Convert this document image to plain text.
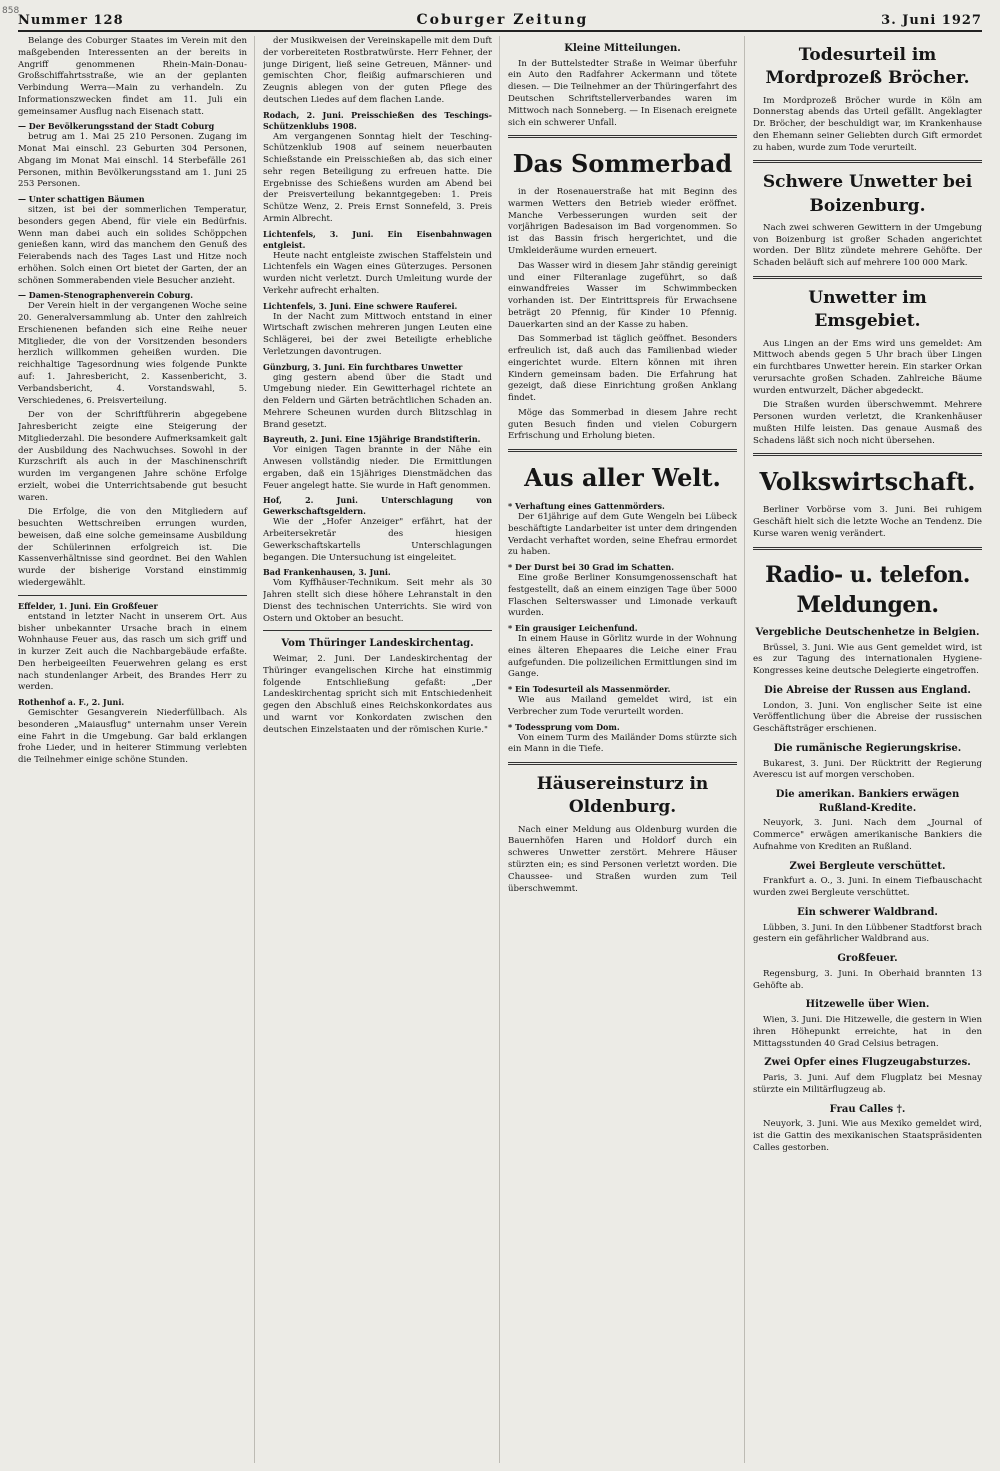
858
Nummer 128	Coburger Zeitung	3. Juni 1927

Belange des Coburger Staates im Verein mit den maßgebenden Interessenten an der bereits in Angriff genommenen Rhein-Main-Donau-Großschiffahrtsstraße, wie an der geplanten Verbindung Werra—Main zu verhandeln. Zu Informationszwecken findet am 11. Juli ein gemeinsamer Ausflug nach Eisenach statt.

— Der Bevölkerungsstand der Stadt Coburg

betrug am 1. Mai 25 210 Personen. Zugang im Monat Mai einschl. 23 Geburten 304 Personen, Abgang im Monat Mai einschl. 14 Sterbefälle 261 Personen, mithin Bevölkerungsstand am 1. Juni 25 253 Personen.

— Unter schattigen Bäumen

sitzen, ist bei der sommerlichen Temperatur, besonders gegen Abend, für viele ein Bedürfnis. Wenn man dabei auch ein solides Schöppchen genießen kann, wird das manchem den Genuß des Feierabends nach des Tages Last und Hitze noch erhöhen. Solch einen Ort bietet der Garten, der an schönen Sommerabenden viele Besucher anzieht.

— Damen-Stenographenverein Coburg.

Der Verein hielt in der vergangenen Woche seine 20. Generalversammlung ab. Unter den zahlreich Erschienenen befanden sich eine Reihe neuer Mitglieder, die von der Vorsitzenden besonders herzlich willkommen geheißen wurden. Die reichhaltige Tagesordnung wies folgende Punkte auf: 1. Jahresbericht, 2. Kassenbericht, 3. Verbandsbericht, 4. Vorstandswahl, 5. Verschiedenes, 6. Preisverteilung.

Der von der Schriftführerin abgegebene Jahresbericht zeigte eine Steigerung der Mitgliederzahl. Die besondere Aufmerksamkeit galt der Ausbildung des Nachwuchses. Sowohl in der Kurzschrift als auch in der Maschinenschrift wurden im vergangenen Jahre schöne Erfolge erzielt, wobei die Unterrichtsabende gut besucht waren.

Die Erfolge, die von den Mitgliedern auf besuchten Wettschreiben errungen wurden, beweisen, daß eine solche gemeinsame Ausbildung der Schülerinnen erfolgreich ist. Die Kassenverhältnisse sind geordnet. Bei den Wahlen wurde der bisherige Vorstand einstimmig wiedergewählt.

Effelder, 1. Juni. Ein Großfeuer

entstand in letzter Nacht in unserem Ort. Aus bisher unbekannter Ursache brach in einem Wohnhause Feuer aus, das rasch um sich griff und in kurzer Zeit auch die Nachbargebäude erfaßte. Den herbeigeeilten Feuerwehren gelang es erst nach stundenlanger Arbeit, des Brandes Herr zu werden.

Rothenhof a. F., 2. Juni.

Gemischter Gesangverein Niederfüllbach. Als besonderen „Maiausflug" unternahm unser Verein eine Fahrt in die Umgebung. Gar bald erklangen frohe Lieder, und in heiterer Stimmung verlebten die Teilnehmer einige schöne Stunden.

der Musikweisen der Vereinskapelle mit dem Duft der vorbereiteten Rostbratwürste. Herr Fehner, der junge Dirigent, ließ seine Getreuen, Männer- und gemischten Chor, fleißig aufmarschieren und Zeugnis ablegen von der guten Pflege des deutschen Liedes auf dem flachen Lande.

Rodach, 2. Juni. Preisschießen des Teschings-Schützenklubs 1908.

Am vergangenen Sonntag hielt der Tesching-Schützenklub 1908 auf seinem neuerbauten Schießstande ein Preisschießen ab, das sich einer sehr regen Beteiligung zu erfreuen hatte. Die Ergebnisse des Schießens wurden am Abend bei der Preisverteilung bekanntgegeben: 1. Preis Schütze Wenz, 2. Preis Ernst Sonnefeld, 3. Preis Armin Albrecht.

Lichtenfels, 3. Juni. Ein Eisenbahnwagen entgleist.

Heute nacht entgleiste zwischen Staffelstein und Lichtenfels ein Wagen eines Güterzuges. Personen wurden nicht verletzt. Durch Umleitung wurde der Verkehr aufrecht erhalten.

Lichtenfels, 3. Juni. Eine schwere Rauferei.

In der Nacht zum Mittwoch entstand in einer Wirtschaft zwischen mehreren jungen Leuten eine Schlägerei, bei der zwei Beteiligte erhebliche Verletzungen davontrugen.

Günzburg, 3. Juni. Ein furchtbares Unwetter

ging gestern abend über die Stadt und Umgebung nieder. Ein Gewitterhagel richtete an den Feldern und Gärten beträchtlichen Schaden an. Mehrere Scheunen wurden durch Blitzschlag in Brand gesetzt.

Bayreuth, 2. Juni. Eine 15jährige Brandstifterin.

Vor einigen Tagen brannte in der Nähe ein Anwesen vollständig nieder. Die Ermittlungen ergaben, daß ein 15jähriges Dienstmädchen das Feuer angelegt hatte. Sie wurde in Haft genommen.

Hof, 2. Juni. Unterschlagung von Gewerkschaftsgeldern.

Wie der „Hofer Anzeiger" erfährt, hat der Arbeitersekretär des hiesigen Gewerkschaftskartells Unterschlagungen begangen. Die Untersuchung ist eingeleitet.

Bad Frankenhausen, 3. Juni.

Vom Kyffhäuser-Technikum. Seit mehr als 30 Jahren stellt sich diese höhere Lehranstalt in den Dienst des technischen Unterrichts. Sie wird von Ostern und Oktober an besucht.

Vom Thüringer Landeskirchentag.

Weimar, 2. Juni. Der Landeskirchentag der Thüringer evangelischen Kirche hat einstimmig folgende Entschließung gefaßt: „Der Landeskirchentag spricht sich mit Entschiedenheit gegen den Abschluß eines Reichskonkordates aus und warnt vor Konkordaten zwischen den deutschen Einzelstaaten und der römischen Kurie."

Kleine Mitteilungen.

In der Buttelstedter Straße in Weimar überfuhr ein Auto den Radfahrer Ackermann und tötete diesen. — Die Teilnehmer an der Thüringerfahrt des Deutschen Schriftstellerverbandes waren im Mittwoch nach Sonneberg. — In Eisenach ereignete sich ein schwerer Unfall.

Das Sommerbad

in der Rosenauerstraße hat mit Beginn des warmen Wetters den Betrieb wieder eröffnet. Manche Verbesserungen wurden seit der vorjährigen Badesaison im Bad vorgenommen. So ist das Bassin frisch hergerichtet, und die Umkleideräume wurden erneuert.

Das Wasser wird in diesem Jahr ständig gereinigt und einer Filteranlage zugeführt, so daß einwandfreies Wasser im Schwimmbecken vorhanden ist. Der Eintrittspreis für Erwachsene beträgt 20 Pfennig, für Kinder 10 Pfennig. Dauerkarten sind an der Kasse zu haben.

Das Sommerbad ist täglich geöffnet. Besonders erfreulich ist, daß auch das Familienbad wieder eingerichtet wurde. Eltern können mit ihren Kindern gemeinsam baden. Die Erfahrung hat gezeigt, daß diese Einrichtung großen Anklang findet.

Möge das Sommerbad in diesem Jahre recht guten Besuch finden und vielen Coburgern Erfrischung und Erholung bieten.

Aus aller Welt.
* Verhaftung eines Gattenmörders.

Der 61jährige auf dem Gute Wengeln bei Lübeck beschäftigte Landarbeiter ist unter dem dringenden Verdacht verhaftet worden, seine Ehefrau ermordet zu haben.

* Der Durst bei 30 Grad im Schatten.

Eine große Berliner Konsumgenossenschaft hat festgestellt, daß an einem einzigen Tage über 5000 Flaschen Selterswasser und Limonade verkauft wurden.

* Ein grausiger Leichenfund.

In einem Hause in Görlitz wurde in der Wohnung eines älteren Ehepaares die Leiche einer Frau aufgefunden. Die polizeilichen Ermittlungen sind im Gange.

* Ein Todesurteil als Massenmörder.

Wie aus Mailand gemeldet wird, ist ein Verbrecher zum Tode verurteilt worden.

* Todessprung vom Dom.

Von einem Turm des Mailänder Doms stürzte sich ein Mann in die Tiefe.

Häusereinsturz in Oldenburg.

Nach einer Meldung aus Oldenburg wurden die Bauernhöfen Haren und Holdorf durch ein schweres Unwetter zerstört. Mehrere Häuser stürzten ein; es sind Personen verletzt worden. Die Chaussee- und Straßen wurden zum Teil überschwemmt.

Todesurteil im Mordprozeß Bröcher.

Im Mordprozeß Bröcher wurde in Köln am Donnerstag abends das Urteil gefällt. Angeklagter Dr. Bröcher, der beschuldigt war, im Krankenhause den Ehemann seiner Geliebten durch Gift ermordet zu haben, wurde zum Tode verurteilt.

Schwere Unwetter bei Boizenburg.

Nach zwei schweren Gewittern in der Umgebung von Boizenburg ist großer Schaden angerichtet worden. Der Blitz zündete mehrere Gehöfte. Der Schaden beläuft sich auf mehrere 100 000 Mark.

Unwetter im Emsgebiet.

Aus Lingen an der Ems wird uns gemeldet: Am Mittwoch abends gegen 5 Uhr brach über Lingen ein furchtbares Unwetter herein. Ein starker Orkan verursachte großen Schaden. Zahlreiche Bäume wurden entwurzelt, Dächer abgedeckt.

Die Straßen wurden überschwemmt. Mehrere Personen wurden verletzt, die Krankenhäuser mußten Hilfe leisten. Das genaue Ausmaß des Schadens läßt sich noch nicht übersehen.

Volkswirtschaft.

Berliner Vorbörse vom 3. Juni. Bei ruhigem Geschäft hielt sich die letzte Woche an Tendenz. Die Kurse waren wenig verändert.

Radio- u. telefon. Meldungen.
Vergebliche Deutschenhetze in Belgien.

Brüssel, 3. Juni. Wie aus Gent gemeldet wird, ist es zur Tagung des internationalen Hygiene-Kongresses keine deutsche Delegierte eingetroffen.

Die Abreise der Russen aus England.

London, 3. Juni. Von englischer Seite ist eine Veröffentlichung über die Abreise der russischen Geschäftsträger erschienen.

Die rumänische Regierungskrise.

Bukarest, 3. Juni. Der Rücktritt der Regierung Averescu ist auf morgen verschoben.

Die amerikan. Bankiers erwägen Rußland-Kredite.

Neuyork, 3. Juni. Nach dem „Journal of Commerce" erwägen amerikanische Bankiers die Aufnahme von Krediten an Rußland.

Zwei Bergleute verschüttet.

Frankfurt a. O., 3. Juni. In einem Tiefbauschacht wurden zwei Bergleute verschüttet.

Ein schwerer Waldbrand.

Lübben, 3. Juni. In den Lübbener Stadtforst brach gestern ein gefährlicher Waldbrand aus.

Großfeuer.

Regensburg, 3. Juni. In Oberhaid brannten 13 Gehöfte ab.

Hitzewelle über Wien.

Wien, 3. Juni. Die Hitzewelle, die gestern in Wien ihren Höhepunkt erreichte, hat in den Mittagsstunden 40 Grad Celsius betragen.

Zwei Opfer eines Flugzeugabsturzes.

Paris, 3. Juni. Auf dem Flugplatz bei Mesnay stürzte ein Militärflugzeug ab.

Frau Calles †.

Neuyork, 3. Juni. Wie aus Mexiko gemeldet wird, ist die Gattin des mexikanischen Staatspräsidenten Calles gestorben.
